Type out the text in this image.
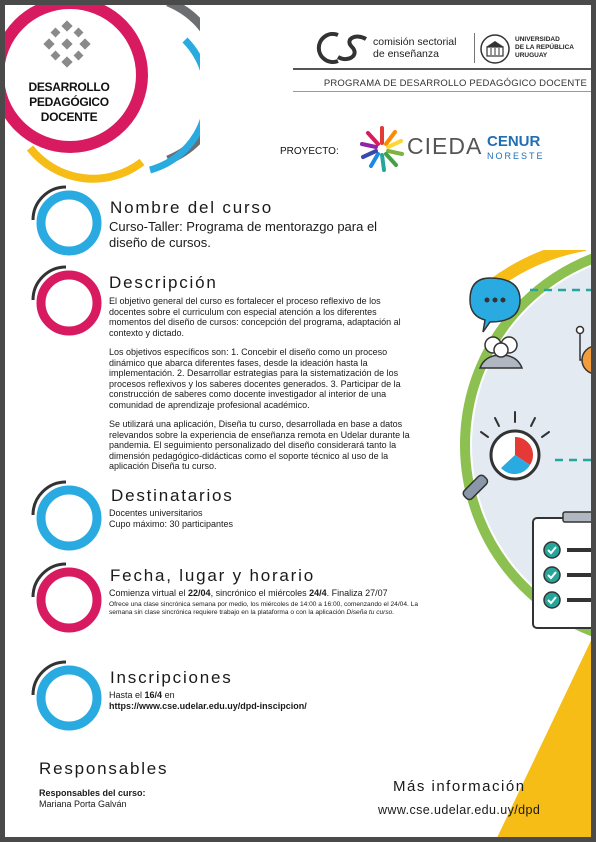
DESARROLLO
PEDAGÓGICO
DOCENTE
comisión sectorial
de enseñanza
UNIVERSIDAD
DE LA REPÚBLICA
URUGUAY
PROGRAMA DE DESARROLLO PEDAGÓGICO DOCENTE
PROYECTO:	CIEDA CENUR
NORESTE
Nombre del curso
Curso-Taller: Programa de mentorazgo para el
diseño de cursos.
Descripción

El objetivo general del curso es fortalecer el proceso reflexivo de los docentes sobre el curriculum con especial atención a los diferentes momentos del diseño de cursos: concepción del programa, adaptación al contexto y dictado.

Los objetivos específicos son: 1. Concebir el diseño como un proceso dinámico que abarca diferentes fases, desde la ideación hasta la implementación. 2. Desarrollar estrategias para la sistematización de los procesos reflexivos y los saberes docentes generados. 3. Participar de la construcción de saberes como docente investigador al interior de una comunidad de aprendizaje profesional académico.

Se utilizará una aplicación, Diseña tu curso, desarrollada en base a datos relevandos sobre la experiencia de enseñanza remota en Udelar durante la pandemia. El seguimiento personalizado del diseño considerará tanto la dimensión pedagógico-didácticas como el soporte técnico al uso de la aplicación Diseña tu curso.

Destinatarios
Docentes universitarios
Cupo máximo: 30 participantes
Fecha, lugar y horario
Comienza virtual el 22/04, sincrónico el miércoles 24/4. Finaliza 27/07
Ofrece una clase sincrónica semana por medio, los miércoles de 14:00 a 16:00, comenzando el 24/04. La semana sin clase sincrónica requiere trabajo en la plataforma o con la aplicación Diseña tu curso.
Inscripciones
Hasta el 16/4 en
https://www.cse.udelar.edu.uy/dpd-inscipcion/
Responsables
Responsables del curso:
Mariana Porta Galván
Más información
www.cse.udelar.edu.uy/dpd
